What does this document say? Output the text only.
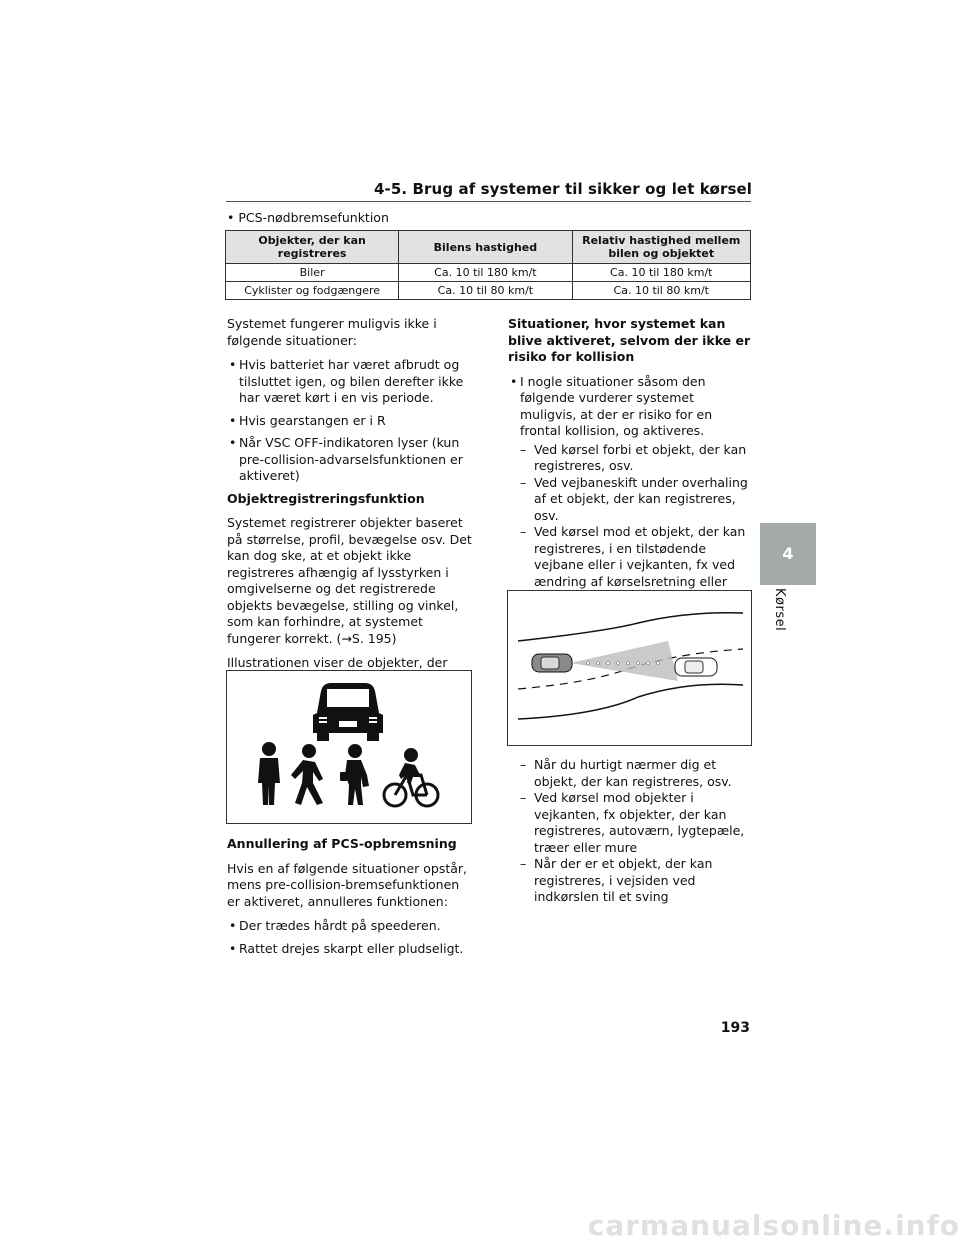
4-5. Brug af systemer til sikker og let kørsel
4
Kørsel
• PCS-nødbremsefunktion
Objekter, der kan registreres	Bilens hastighed	Relativ hastighed mellem bilen og objektet
Biler	Ca. 10 til 180 km/t	Ca. 10 til 180 km/t
Cyklister og fodgængere	Ca. 10 til 80 km/t	Ca. 10 til 80 km/t

Systemet fungerer muligvis ikke i følgende situationer:

• Hvis batteriet har været afbrudt og tilsluttet igen, og bilen derefter ikke har været kørt i en vis periode.
• Hvis gearstangen er i R
• Når VSC OFF-indikatoren lyser (kun pre-collision-advarselsfunktionen er aktiveret)
Objektregistreringsfunktion

Systemet registrerer objekter baseret på størrelse, profil, bevægelse osv. Det kan dog ske, at et objekt ikke registreres afhængig af lysstyrken i omgivelserne og det registrerede objekts bevægelse, stilling og vinkel, som kan forhindre, at systemet fungerer korrekt. (→S. 195)

Illustrationen viser de objekter, der

Annullering af PCS-opbremsning

Hvis en af følgende situationer opstår, mens pre-collision-bremsefunktionen er aktiveret, annulleres funktionen:

• Der trædes hårdt på speederen.
• Rattet drejes skarpt eller pludseligt.
Situationer, hvor systemet kan blive aktiveret, selvom der ikke er risiko for kollision
• I nogle situationer såsom den følgende vurderer systemet muligvis, at der er risiko for en frontal kollision, og aktiveres.
– Ved kørsel forbi et objekt, der kan registreres, osv.
– Ved vejbaneskift under overhaling af et objekt, der kan registreres, osv.
– Ved kørsel mod et objekt, der kan registreres, i en tilstødende vejbane eller i vejkanten, fx ved ændring af kørselsretning eller
– Når du hurtigt nærmer dig et objekt, der kan registreres, osv.
– Ved kørsel mod objekter i vejkanten, fx objekter, der kan registreres, autoværn, lygtepæle, træer eller mure
– Når der er et objekt, der kan registreres, i vejsiden ved indkørslen til et sving
193
carmanualsonline.info
